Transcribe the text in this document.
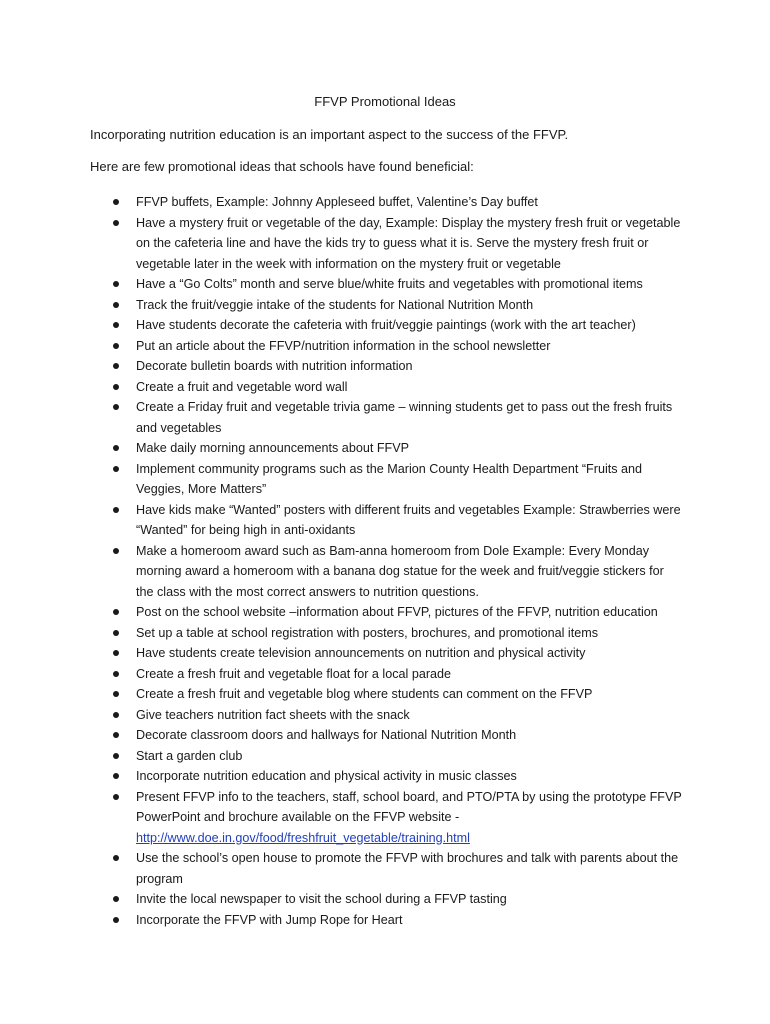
FFVP Promotional Ideas
Incorporating nutrition education is an important aspect to the success of the FFVP.
Here are few promotional ideas that schools have found beneficial:
FFVP buffets, Example: Johnny Appleseed buffet, Valentine’s Day buffet
Have a mystery fruit or vegetable of the day, Example: Display the mystery fresh fruit or vegetable on the cafeteria line and have the kids try to guess what it is. Serve the mystery fresh fruit or vegetable later in the week with information on the mystery fruit or vegetable
Have a “Go Colts” month and serve blue/white fruits and vegetables with promotional items
Track the fruit/veggie intake of the students for National Nutrition Month
Have students decorate the cafeteria with fruit/veggie paintings (work with the art teacher)
Put an article about the FFVP/nutrition information in the school newsletter
Decorate bulletin boards with nutrition information
Create a fruit and vegetable word wall
Create a Friday fruit and vegetable trivia game – winning students get to pass out the fresh fruits and vegetables
Make daily morning announcements about FFVP
Implement community programs such as the Marion County Health Department “Fruits and Veggies, More Matters”
Have kids make “Wanted” posters with different fruits and vegetables Example: Strawberries were “Wanted” for being high in anti-oxidants
Make a homeroom award such as Bam-anna homeroom from Dole Example: Every Monday morning award a homeroom with a banana dog statue for the week and fruit/veggie stickers for the class with the most correct answers to nutrition questions.
Post on the school website –information about FFVP, pictures of the FFVP, nutrition education
Set up a table at school registration with posters, brochures, and promotional items
Have students create television announcements on nutrition and physical activity
Create a fresh fruit and vegetable float for a local parade
Create a fresh fruit and vegetable blog where students can comment on the FFVP
Give teachers nutrition fact sheets with the snack
Decorate classroom doors and hallways for National Nutrition Month
Start a garden club
Incorporate nutrition education and physical activity in music classes
Present FFVP info to the teachers, staff, school board, and PTO/PTA by using the prototype FFVP PowerPoint and brochure available on the FFVP website -
http://www.doe.in.gov/food/freshfruit_vegetable/training.html
Use the school’s open house to promote the FFVP with brochures and talk with parents about the program
Invite the local newspaper to visit the school during a FFVP tasting
Incorporate the FFVP with Jump Rope for Heart
